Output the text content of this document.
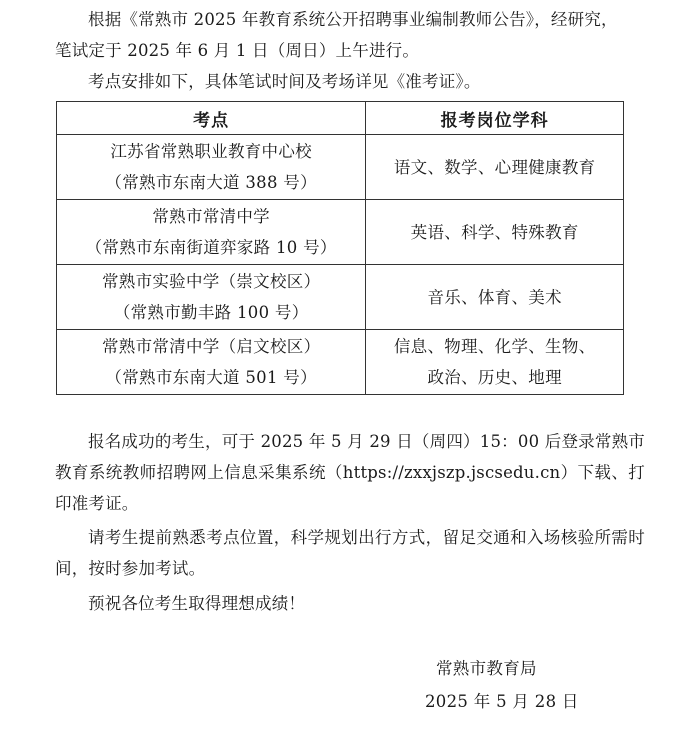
根据《常熟市 2025 年教育系统公开招聘事业编制教师公告》，经研究，
笔试定于 2025 年 6 月 1 日（周日）上午进行。
考点安排如下，具体笔试时间及考场详见《准考证》。

考点	报考岗位学科

江苏省常熟职业教育中心校
（常熟市东南大道 388 号）	语文、数学、心理健康教育

常熟市常清中学
（常熟市东南街道弈家路 10 号）	英语、科学、特殊教育

常熟市实验中学（崇文校区）
（常熟市勤丰路 100 号）	音乐、体育、美术

常熟市常清中学（启文校区）
（常熟市东南大道 501 号）	信息、物理、化学、生物、
政治、历史、地理

报名成功的考生，可于 2025 年 5 月 29 日（周四）15：00 后登录常熟市教育系统教师招聘网上信息采集系统（https://zxxjszp.jscsedu.cn）下载、打印准考证。

请考生提前熟悉考点位置，科学规划出行方式，留足交通和入场核验所需时间，按时参加考试。

预祝各位考生取得理想成绩！

常熟市教育局
2025 年 5 月 28 日
